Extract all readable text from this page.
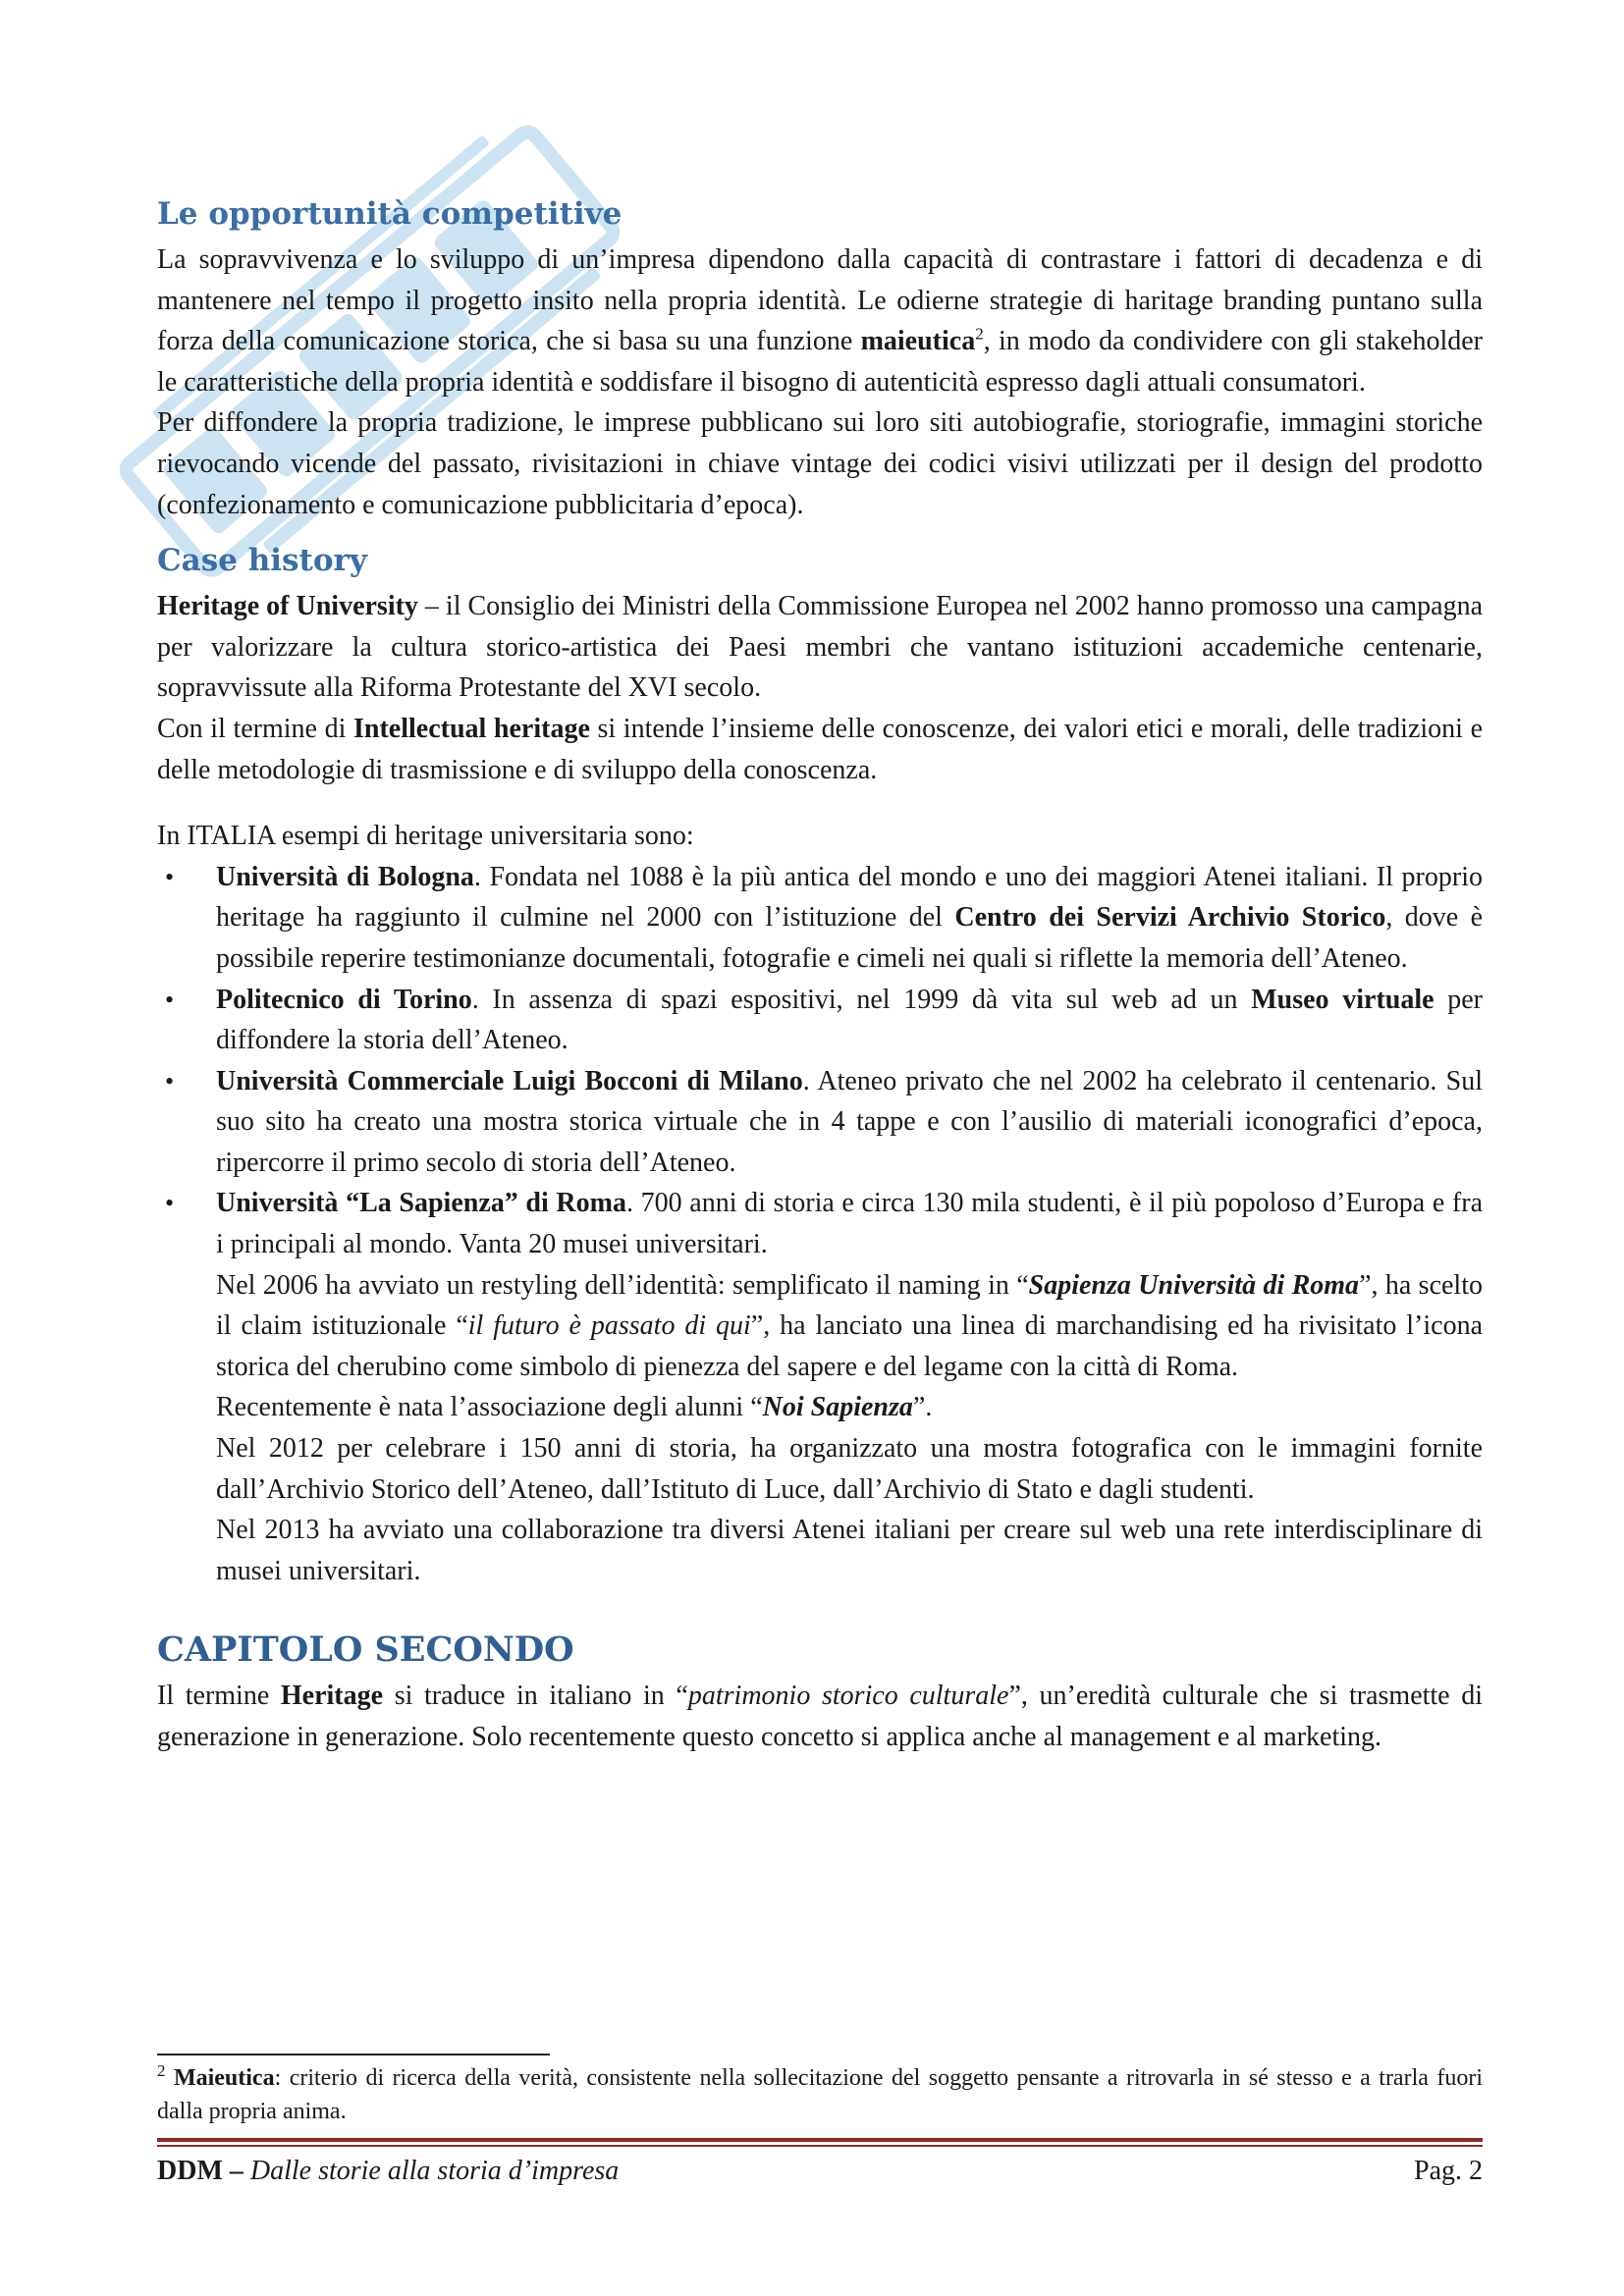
Le opportunità competitive

La sopravvivenza e lo sviluppo di un’impresa dipendono dalla capacità di contrastare i fattori di decadenza e di mantenere nel tempo il progetto insito nella propria identità. Le odierne strategie di haritage branding puntano sulla forza della comunicazione storica, che si basa su una funzione maieutica$^2$, in modo da condividere con gli stakeholder le caratteristiche della propria identità e soddisfare il bisogno di autenticità espresso dagli attuali consumatori.

Per diffondere la propria tradizione, le imprese pubblicano sui loro siti autobiografie, storiografie, immagini storiche rievocando vicende del passato, rivisitazioni in chiave vintage dei codici visivi utilizzati per il design del prodotto (confezionamento e comunicazione pubblicitaria d’epoca).

Case history

Heritage of University – il Consiglio dei Ministri della Commissione Europea nel 2002 hanno promosso una campagna per valorizzare la cultura storico-artistica dei Paesi membri che vantano istituzioni accademiche centenarie, sopravvissute alla Riforma Protestante del XVI secolo.

Con il termine di Intellectual heritage si intende l’insieme delle conoscenze, dei valori etici e morali, delle tradizioni e delle metodologie di trasmissione e di sviluppo della conoscenza.

In ITALIA esempi di heritage universitaria sono:

• Università di Bologna. Fondata nel 1088 è la più antica del mondo e uno dei maggiori Atenei italiani. Il proprio heritage ha raggiunto il culmine nel 2000 con l’istituzione del Centro dei Servizi Archivio Storico, dove è possibile reperire testimonianze documentali, fotografie e cimeli nei quali si riflette la memoria dell’Ateneo.
• Politecnico di Torino. In assenza di spazi espositivi, nel 1999 dà vita sul web ad un Museo virtuale per diffondere la storia dell’Ateneo.
• Università Commerciale Luigi Bocconi di Milano. Ateneo privato che nel 2002 ha celebrato il centenario. Sul suo sito ha creato una mostra storica virtuale che in 4 tappe e con l’ausilio di materiali iconografici d’epoca, ripercorre il primo secolo di storia dell’Ateneo.
• Università “La Sapienza” di Roma. 700 anni di storia e circa 130 mila studenti, è il più popoloso d’Europa e fra i principali al mondo. Vanta 20 musei universitari.

Nel 2006 ha avviato un restyling dell’identità: semplificato il naming in “Sapienza Università di Roma”, ha scelto il claim istituzionale “il futuro è passato di qui”, ha lanciato una linea di marchandising ed ha rivisitato l’icona storica del cherubino come simbolo di pienezza del sapere e del legame con la città di Roma.

Recentemente è nata l’associazione degli alunni “Noi Sapienza”.

Nel 2012 per celebrare i 150 anni di storia, ha organizzato una mostra fotografica con le immagini fornite dall’Archivio Storico dell’Ateneo, dall’Istituto di Luce, dall’Archivio di Stato e dagli studenti.

Nel 2013 ha avviato una collaborazione tra diversi Atenei italiani per creare sul web una rete interdisciplinare di musei universitari.

CAPITOLO SECONDO

Il termine Heritage si traduce in italiano in “patrimonio storico culturale”, un’eredità culturale che si trasmette di generazione in generazione. Solo recentemente questo concetto si applica anche al management e al marketing.

$^2$ Maieutica: criterio di ricerca della verità, consistente nella sollecitazione del soggetto pensante a ritrovarla in sé stesso e a trarla fuori dalla propria anima.
DDM – Dalle storie alla storia d’impresa	Pag. 2
